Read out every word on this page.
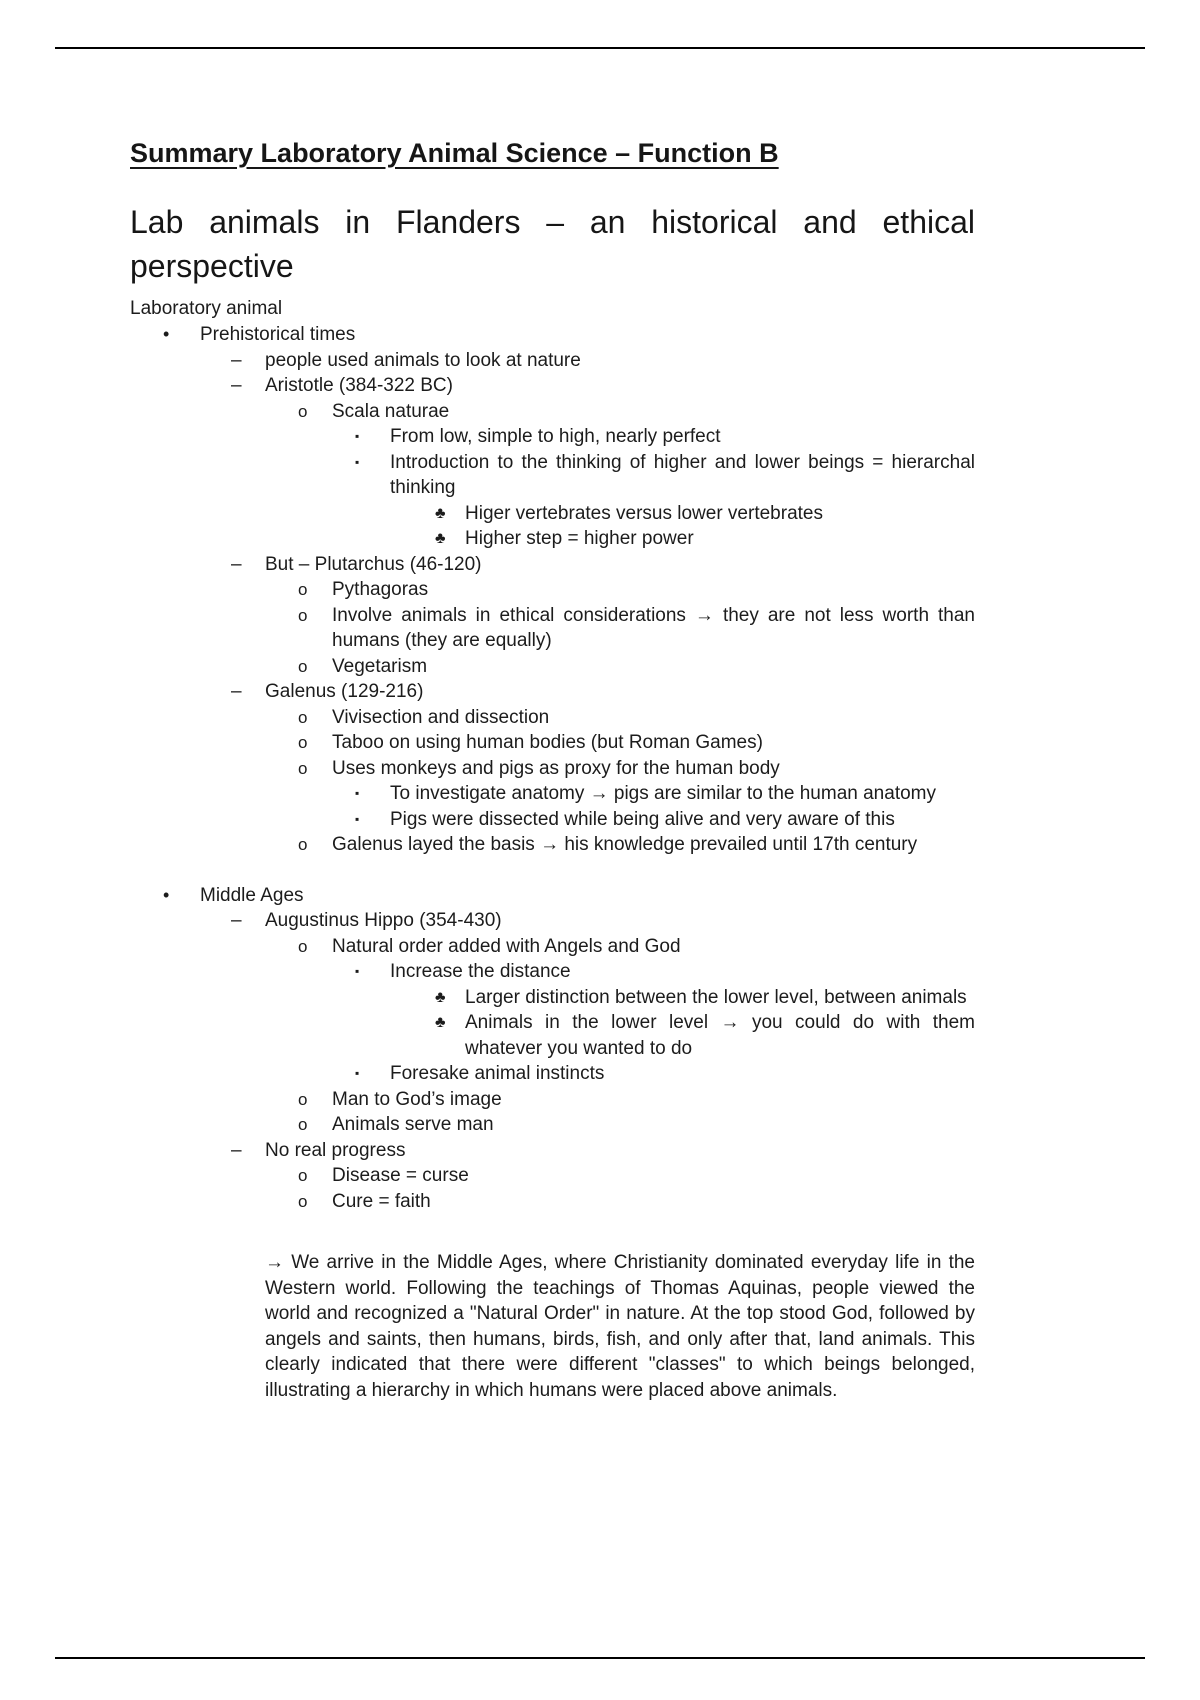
Summary Laboratory Animal Science – Function B
Lab animals in Flanders – an historical and ethical perspective

Laboratory animal

• Prehistorical times
– people used animals to look at nature
– Aristotle (384-322 BC)
o Scala naturae
▪ From low, simple to high, nearly perfect
▪ Introduction to the thinking of higher and lower beings = hierarchal thinking
♣ Higer vertebrates versus lower vertebrates
♣ Higher step = higher power
– But – Plutarchus (46-120)
o Pythagoras
o Involve animals in ethical considerations → they are not less worth than humans (they are equally)
o Vegetarism
– Galenus (129-216)
o Vivisection and dissection
o Taboo on using human bodies (but Roman Games)
o Uses monkeys and pigs as proxy for the human body
▪ To investigate anatomy → pigs are similar to the human anatomy
▪ Pigs were dissected while being alive and very aware of this
o Galenus layed the basis → his knowledge prevailed until 17th century
• Middle Ages
– Augustinus Hippo (354-430)
o Natural order added with Angels and God
▪ Increase the distance
♣ Larger distinction between the lower level, between animals
♣ Animals in the lower level → you could do with them whatever you wanted to do
▪ Foresake animal instincts
o Man to God’s image
o Animals serve man
– No real progress
o Disease = curse
o Cure = faith

→ We arrive in the Middle Ages, where Christianity dominated everyday life in the Western world. Following the teachings of Thomas Aquinas, people viewed the world and recognized a "Natural Order" in nature. At the top stood God, followed by angels and saints, then humans, birds, fish, and only after that, land animals. This clearly indicated that there were different "classes" to which beings belonged, illustrating a hierarchy in which humans were placed above animals.
